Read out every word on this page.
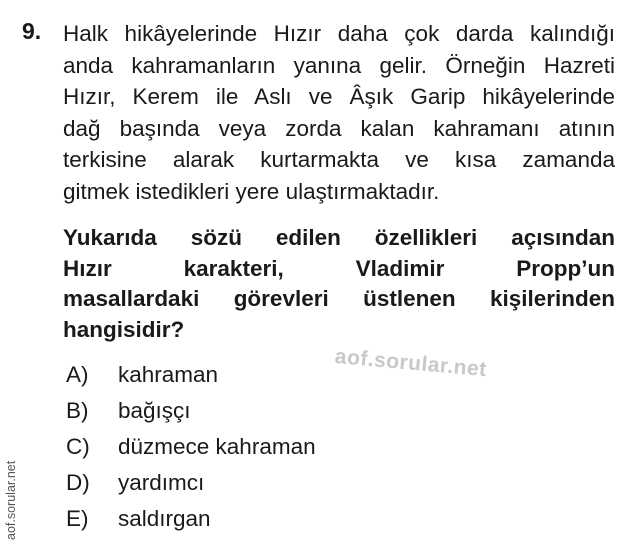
9. Halk hikâyelerinde Hızır daha çok darda kalındığı
anda kahramanların yanına gelir. Örneğin Hazreti
Hızır, Kerem ile Aslı ve Âşık Garip hikâyelerinde
dağ başında veya zorda kalan kahramanı atının
terkisine alarak kurtarmakta ve kısa zamanda
gitmek istedikleri yere ulaştırmaktadır.
Yukarıda sözü edilen özellikleri açısından
Hızır karakteri, Vladimir Propp’un
masallardaki görevleri üstlenen kişilerinden
hangisidir?
A)	kahraman
B)	bağışçı
C)	düzmece kahraman
D)	yardımcı
E)	saldırgan
aof.sorular.net
aof.sorular.net
